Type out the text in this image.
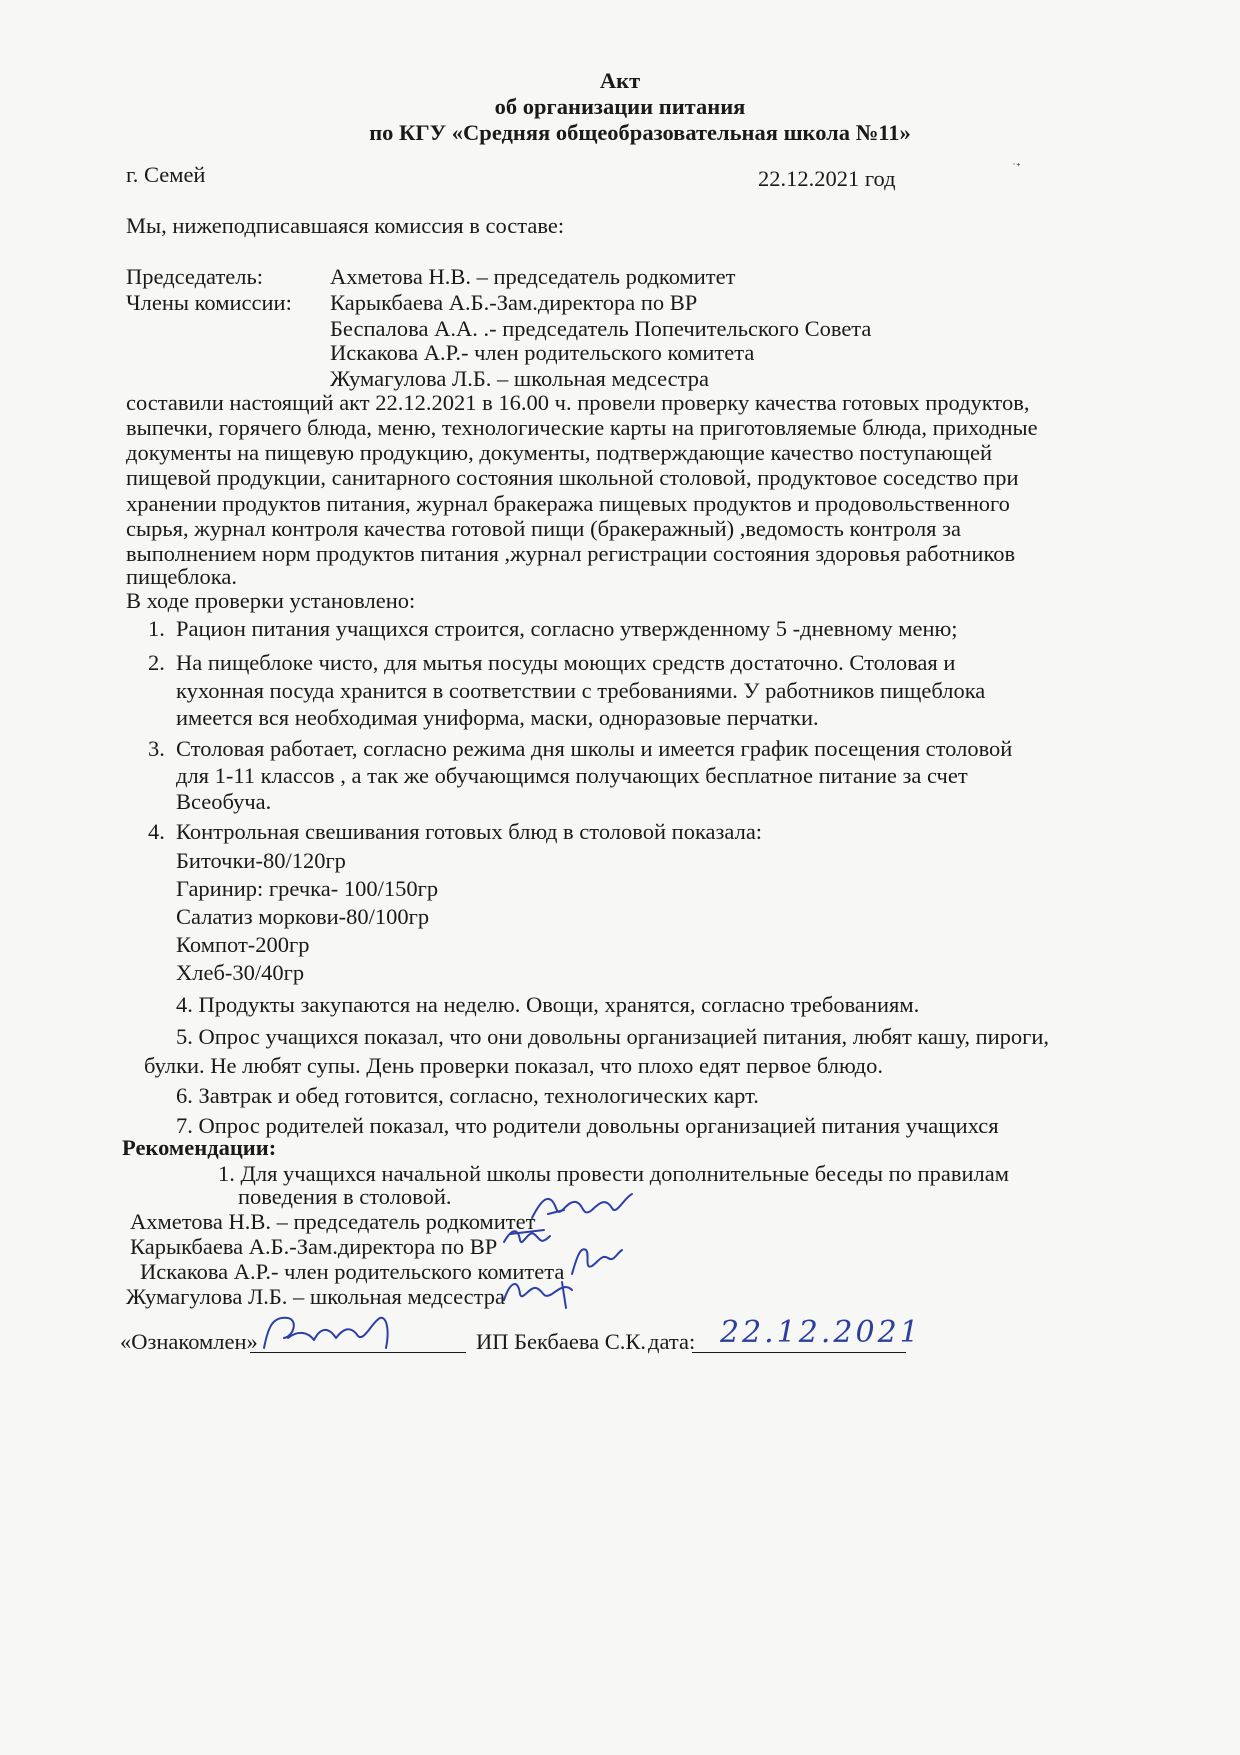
Акт
об организации питания
по КГУ «Средняя общеобразовательная школа №11»
˙ᐩ
г. Семей	22.12.2021 год
Мы, нижеподписавшаяся комиссия в составе:
Председатель:	Ахметова Н.В. – председатель родкомитет
Члены комиссии: Карыкбаева А.Б.-Зам.директора по ВР
Беспалова А.А. .- председатель Попечительского Совета
Искакова А.Р.- член родительского комитета
Жумагулова Л.Б. – школьная медсестра
составили настоящий акт 22.12.2021 в 16.00 ч. провели проверку качества готовых продуктов,
выпечки, горячего блюда, меню, технологические карты на приготовляемые блюда, приходные
документы на пищевую продукцию, документы, подтверждающие качество поступающей
пищевой продукции, санитарного состояния школьной столовой, продуктовое соседство при
хранении продуктов питания, журнал бракеража пищевых продуктов и продовольственного
сырья, журнал контроля качества готовой пищи (бракеражный) ,ведомость контроля за
выполнением норм продуктов питания ,журнал регистрации состояния здоровья работников
пищеблока.
В ходе проверки установлено:
1. Рацион питания учащихся строится, согласно утвержденному 5 -дневному меню;
2. На пищеблоке чисто, для мытья посуды моющих средств достаточно. Столовая и
кухонная посуда хранится в соответствии с требованиями. У работников пищеблока
имеется вся необходимая униформа, маски, одноразовые перчатки.
3. Столовая работает, согласно режима дня школы и имеется график посещения столовой
для 1-11 классов , а так же обучающимся получающих бесплатное питание за счет
Всеобуча.
4. Контрольная свешивания готовых блюд в столовой показала:
Биточки-80/120гр
Гаринир: гречка- 100/150гр
Салатиз моркови-80/100гр
Компот-200гр
Хлеб-30/40гр
4. Продукты закупаются на неделю. Овощи, хранятся, согласно требованиям.
5. Опрос учащихся показал, что они довольны организацией питания, любят кашу, пироги,
булки. Не любят супы. День проверки показал, что плохо едят первое блюдо.
6. Завтрак и обед готовится, согласно, технологических карт.
7. Опрос родителей показал, что родители довольны организацией питания учащихся
Рекомендации:
1. Для учащихся начальной школы провести дополнительные беседы по правилам
поведения в столовой.
Ахметова Н.В. – председатель родкомитет
Карыкбаева А.Б.-Зам.директора по ВР
Искакова А.Р.- член родительского комитета
Жумагулова Л.Б. – школьная медсестра
«Ознакомлен»	ИП Бекбаева С.К. дата: 22.12.2021
